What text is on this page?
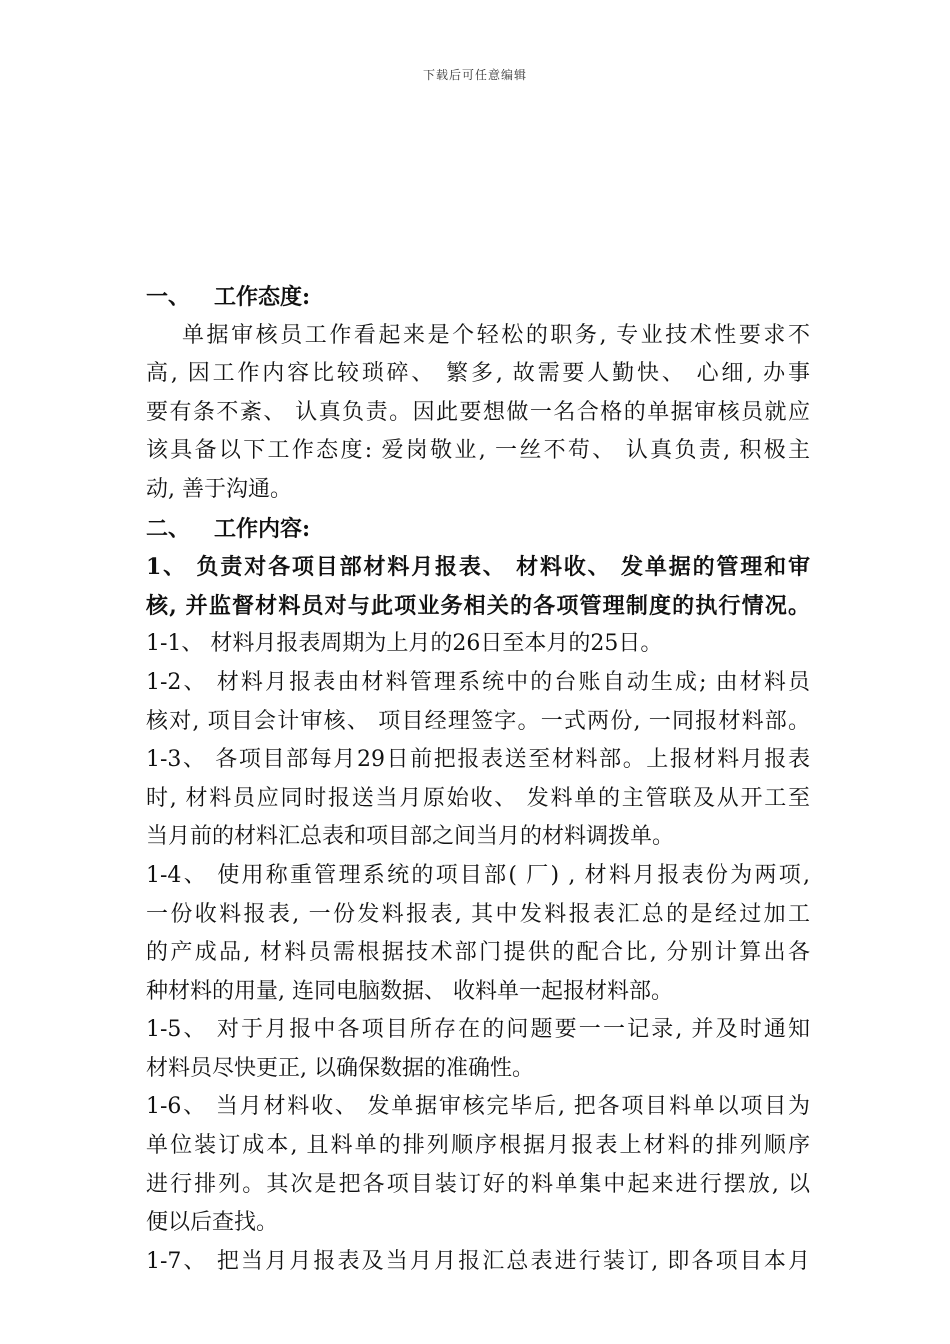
下载后可任意编辑
一、 工作态度:
单据审核员工作看起来是个轻松的职务, 专业技术性要求不
高, 因工作内容比较琐碎、 繁多, 故需要人勤快、 心细, 办事
要有条不紊、 认真负责。因此要想做一名合格的单据审核员就应
该具备以下工作态度: 爱岗敬业, 一丝不苟、 认真负责, 积极主
动, 善于沟通。
二、 工作内容:
1、 负责对各项目部材料月报表、 材料收、 发单据的管理和审
核, 并监督材料员对与此项业务相关的各项管理制度的执行情况。
1-1、 材料月报表周期为上月的26日至本月的25日。
1-2、 材料月报表由材料管理系统中的台账自动生成; 由材料员
核对, 项目会计审核、 项目经理签字。一式两份, 一同报材料部。
1-3、 各项目部每月29日前把报表送至材料部。上报材料月报表
时, 材料员应同时报送当月原始收、 发料单的主管联及从开工至
当月前的材料汇总表和项目部之间当月的材料调拨单。
1-4、 使用称重管理系统的项目部( 厂) , 材料月报表份为两项,
一份收料报表, 一份发料报表, 其中发料报表汇总的是经过加工
的产成品, 材料员需根据技术部门提供的配合比, 分别计算出各
种材料的用量, 连同电脑数据、 收料单一起报材料部。
1-5、 对于月报中各项目所存在的问题要一一记录, 并及时通知
材料员尽快更正, 以确保数据的准确性。
1-6、 当月材料收、 发单据审核完毕后, 把各项目料单以项目为
单位装订成本, 且料单的排列顺序根据月报表上材料的排列顺序
进行排列。其次是把各项目装订好的料单集中起来进行摆放, 以
便以后查找。
1-7、 把当月月报表及当月月报汇总表进行装订, 即各项目本月
